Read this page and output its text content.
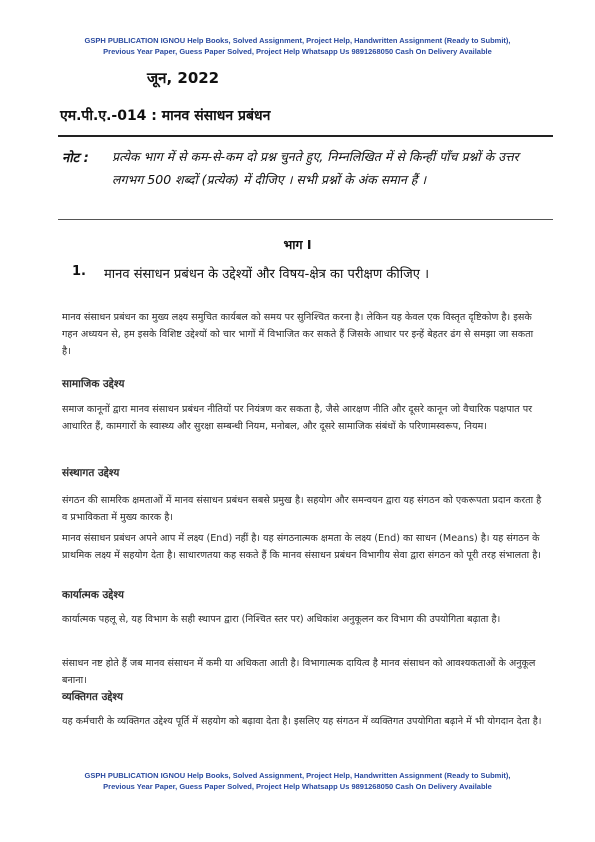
GSPH PUBLICATION IGNOU Help Books, Solved Assignment, Project Help, Handwritten Assignment (Ready to Submit),
Previous Year Paper, Guess Paper Solved, Project Help Whatsapp Us 9891268050 Cash On Delivery Available
जून, 2022
एम.पी.ए.-014 : मानव संसाधन प्रबंधन
नोट : प्रत्येक भाग में से कम-से-कम दो प्रश्न चुनते हुए, निम्नलिखित में से किन्हीं पाँच प्रश्नों के उत्तर लगभग 500 शब्दों (प्रत्येक) में दीजिए । सभी प्रश्नों के अंक समान हैं ।
भाग I
1. मानव संसाधन प्रबंधन के उद्देश्यों और विषय-क्षेत्र का परीक्षण कीजिए ।

मानव संसाधन प्रबंधन का मुख्य लक्ष्य समुचित कार्यबल को समय पर सुनिश्चित करना है। लेकिन यह केवल एक विस्तृत दृष्टिकोण है। इसके गहन अध्ययन से, हम इसके विशिष्ट उद्देश्यों को चार भागों में विभाजित कर सकते हैं जिसके आधार पर इन्हें बेहतर ढंग से समझा जा सकता है।

सामाजिक उद्देश्य

समाज कानूनों द्वारा मानव संसाधन प्रबंधन नीतियों पर नियंत्रण कर सकता है, जैसे आरक्षण नीति और दूसरे कानून जो वैचारिक पक्षपात पर आधारित हैं, कामगारों के स्वास्थ्य और सुरक्षा सम्बन्धी नियम, मनोबल, और दूसरे सामाजिक संबंधों के परिणामस्वरूप, नियम।

संस्थागत उद्देश्य

संगठन की सामरिक क्षमताओं में मानव संसाधन प्रबंधन सबसे प्रमुख है। सहयोग और समन्वयन द्वारा यह संगठन को एकरूपता प्रदान करता है व प्रभाविकता में मुख्य कारक है।

मानव संसाधन प्रबंधन अपने आप में लक्ष्य (End) नहीं है। यह संगठनात्मक क्षमता के लक्ष्य (End) का साधन (Means) है। यह संगठन के प्राथमिक लक्ष्य में सहयोग देता है। साधारणतया कह सकते हैं कि मानव संसाधन प्रबंधन विभागीय सेवा द्वारा संगठन को पूरी तरह संभालता है।

कार्यात्मक उद्देश्य

कार्यात्मक पहलू से, यह विभाग के सही स्थापन द्वारा (निश्चित स्तर पर) अधिकांश अनुकूलन कर विभाग की उपयोगिता बढ़ाता है।

संसाधन नष्ट होते हैं जब मानव संसाधन में कमी या अधिकता आती है। विभागात्मक दायित्व है मानव संसाधन को आवश्यकताओं के अनुकूल बनाना।

व्यक्तिगत उद्देश्य

यह कर्मचारी के व्यक्तिगत उद्देश्य पूर्ति में सहयोग को बढ़ावा देता है। इसलिए यह संगठन में व्यक्तिगत उपयोगिता बढ़ाने में भी योगदान देता है।

GSPH PUBLICATION IGNOU Help Books, Solved Assignment, Project Help, Handwritten Assignment (Ready to Submit),
Previous Year Paper, Guess Paper Solved, Project Help Whatsapp Us 9891268050 Cash On Delivery Available
